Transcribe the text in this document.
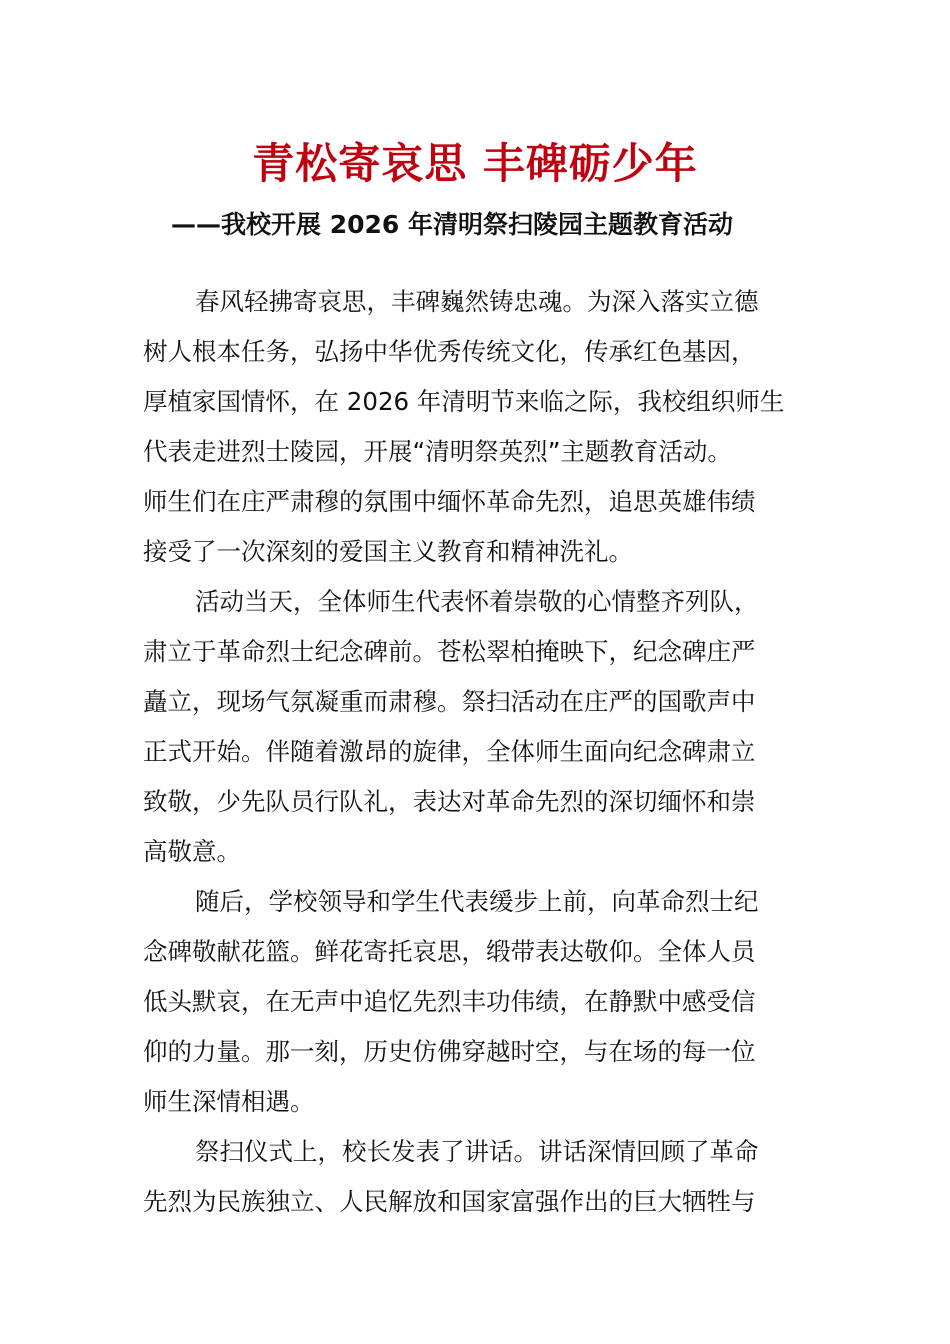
青松寄哀思 丰碑砺少年
——我校开展 2026 年清明祭扫陵园主题教育活动
春风轻拂寄哀思，丰碑巍然铸忠魂。为深入落实立德
树人根本任务，弘扬中华优秀传统文化，传承红色基因，
厚植家国情怀，在 2026 年清明节来临之际，我校组织师生
代表走进烈士陵园，开展“清明祭英烈”主题教育活动。
师生们在庄严肃穆的氛围中缅怀革命先烈，追思英雄伟绩
接受了一次深刻的爱国主义教育和精神洗礼。
活动当天，全体师生代表怀着崇敬的心情整齐列队，
肃立于革命烈士纪念碑前。苍松翠柏掩映下，纪念碑庄严
矗立，现场气氛凝重而肃穆。祭扫活动在庄严的国歌声中
正式开始。伴随着激昂的旋律，全体师生面向纪念碑肃立
致敬，少先队员行队礼，表达对革命先烈的深切缅怀和崇
高敬意。
随后，学校领导和学生代表缓步上前，向革命烈士纪
念碑敬献花篮。鲜花寄托哀思，缎带表达敬仰。全体人员
低头默哀，在无声中追忆先烈丰功伟绩，在静默中感受信
仰的力量。那一刻，历史仿佛穿越时空，与在场的每一位
师生深情相遇。
祭扫仪式上，校长发表了讲话。讲话深情回顾了革命
先烈为民族独立、人民解放和国家富强作出的巨大牺牲与
